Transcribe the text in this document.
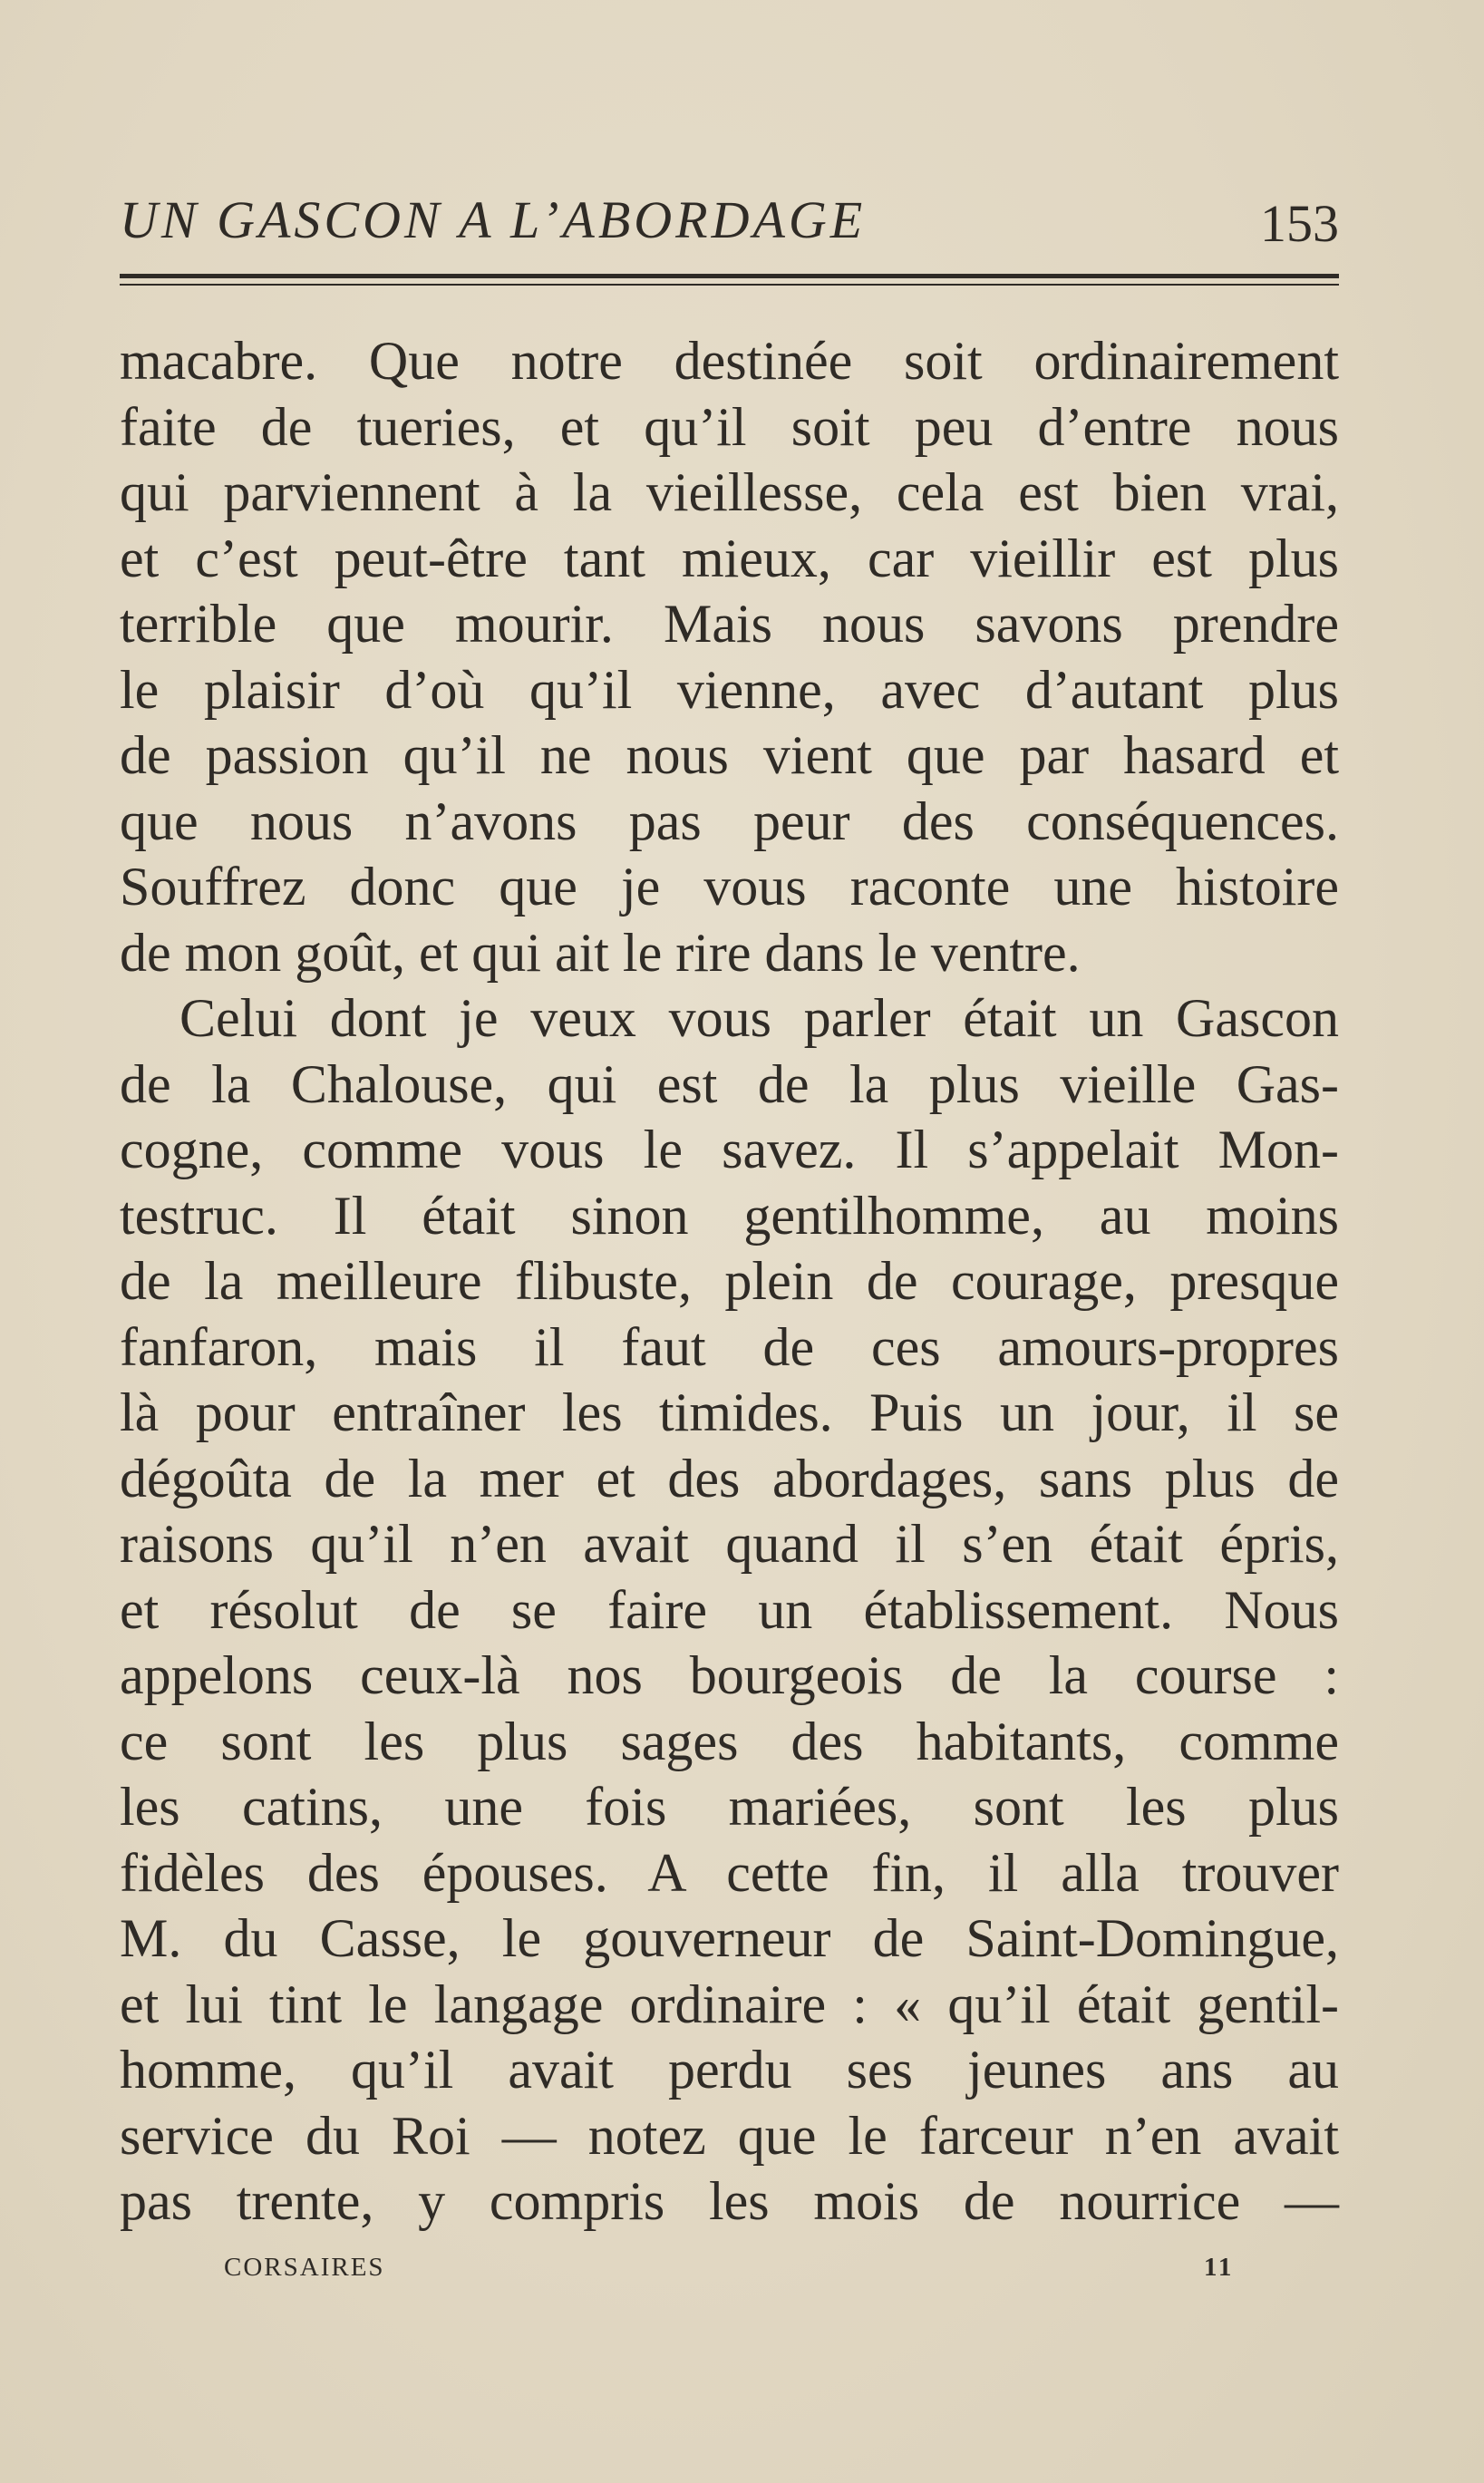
UN GASCON A L’ABORDAGE	153
macabre. Que notre destinée soit ordinairement
faite de tueries, et qu’il soit peu d’entre nous
qui parviennent à la vieillesse, cela est bien vrai,
et c’est peut-être tant mieux, car vieillir est plus
terrible que mourir. Mais nous savons prendre
le plaisir d’où qu’il vienne, avec d’autant plus
de passion qu’il ne nous vient que par hasard et
que nous n’avons pas peur des conséquences.
Souffrez donc que je vous raconte une histoire
de mon goût, et qui ait le rire dans le ventre.
Celui dont je veux vous parler était un Gascon
de la Chalouse, qui est de la plus vieille Gas-
cogne, comme vous le savez. Il s’appelait Mon-
testruc. Il était sinon gentilhomme, au moins
de la meilleure flibuste, plein de courage, presque
fanfaron, mais il faut de ces amours-propres
là pour entraîner les timides. Puis un jour, il se
dégoûta de la mer et des abordages, sans plus de
raisons qu’il n’en avait quand il s’en était épris,
et résolut de se faire un établissement. Nous
appelons ceux-là nos bourgeois de la course :
ce sont les plus sages des habitants, comme
les catins, une fois mariées, sont les plus
fidèles des épouses. A cette fin, il alla trouver
M. du Casse, le gouverneur de Saint-Domingue,
et lui tint le langage ordinaire : « qu’il était gentil-
homme, qu’il avait perdu ses jeunes ans au
service du Roi — notez que le farceur n’en avait
pas trente, y compris les mois de nourrice —
CORSAIRES	11
